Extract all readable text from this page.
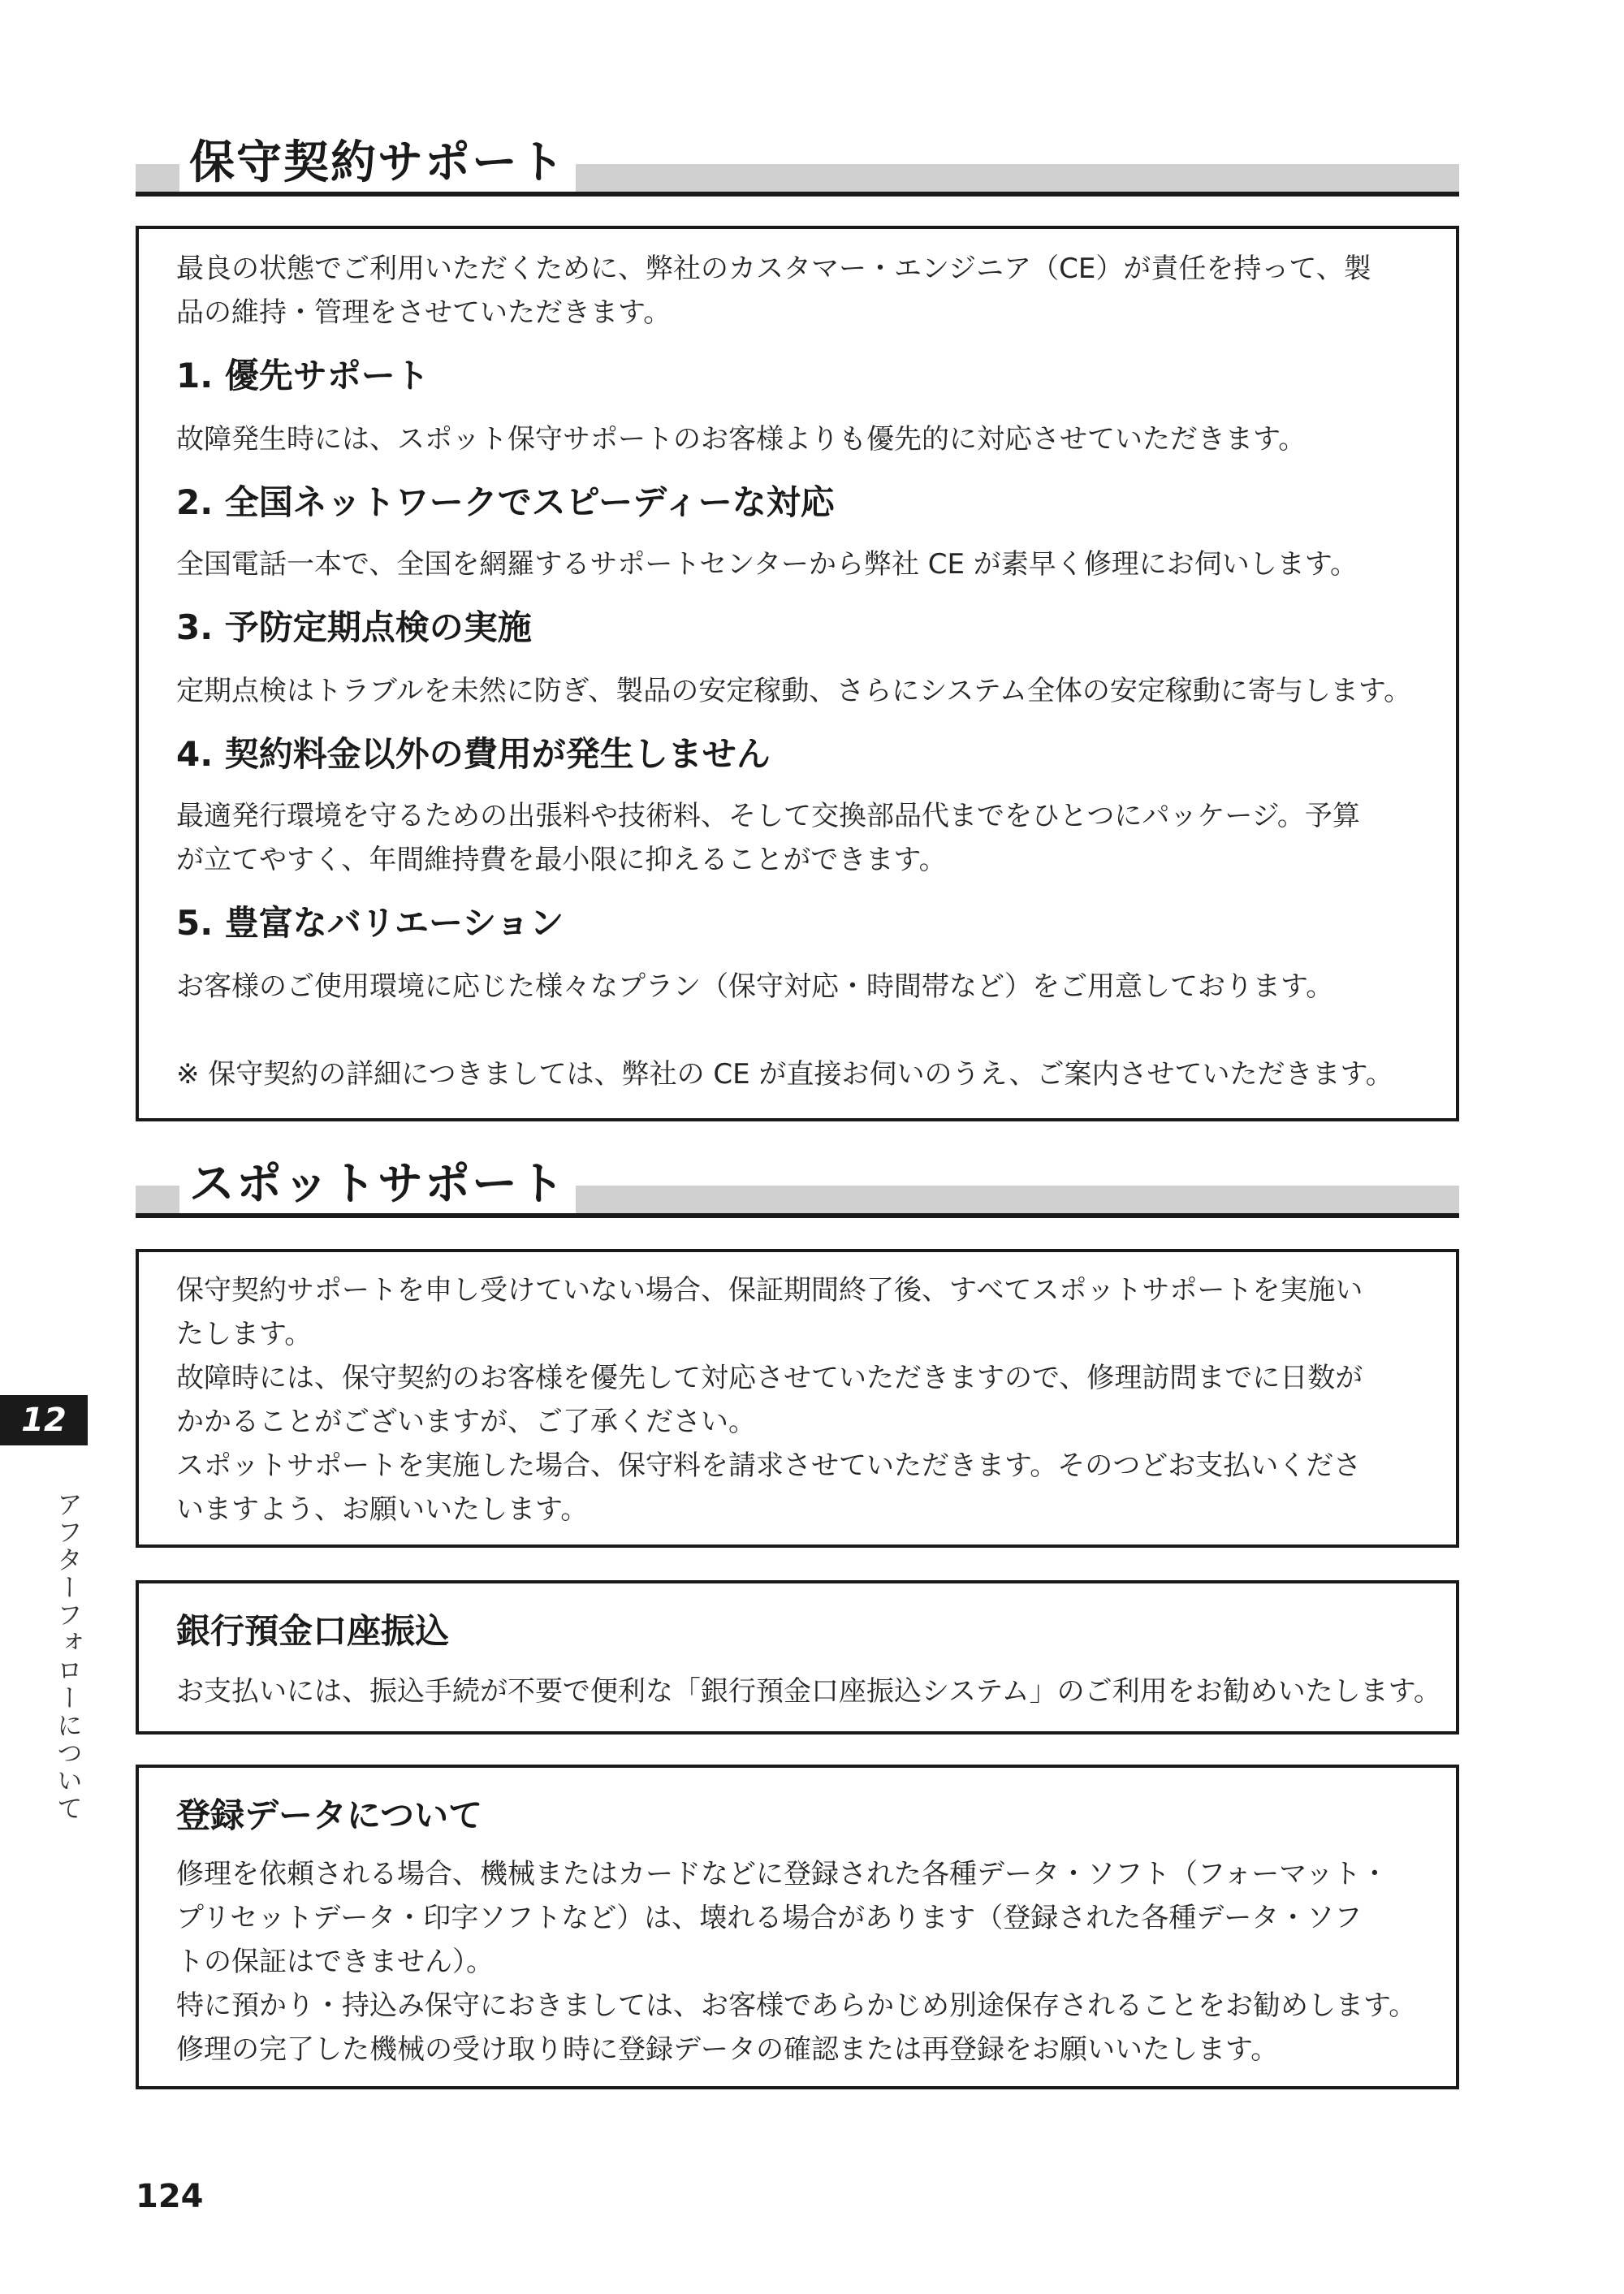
保守契約サポート

最良の状態でご利用いただくために、弊社のカスタマー・エンジニア（CE）が責任を持って、製

品の維持・管理をさせていただきます。

1. 優先サポート

故障発生時には、スポット保守サポートのお客様よりも優先的に対応させていただきます。

2. 全国ネットワークでスピーディーな対応

全国電話一本で、全国を網羅するサポートセンターから弊社 CE が素早く修理にお伺いします。

3. 予防定期点検の実施

定期点検はトラブルを未然に防ぎ、製品の安定稼動、さらにシステム全体の安定稼動に寄与します。

4. 契約料金以外の費用が発生しません

最適発行環境を守るための出張料や技術料、そして交換部品代までをひとつにパッケージ。予算

が立てやすく、年間維持費を最小限に抑えることができます。

5. 豊富なバリエーション

お客様のご使用環境に応じた様々なプラン（保守対応・時間帯など）をご用意しております。

※ 保守契約の詳細につきましては、弊社の CE が直接お伺いのうえ、ご案内させていただきます。

スポットサポート

保守契約サポートを申し受けていない場合、保証期間終了後、すべてスポットサポートを実施い

たします。

故障時には、保守契約のお客様を優先して対応させていただきますので、修理訪問までに日数が

かかることがございますが、ご了承ください。

スポットサポートを実施した場合、保守料を請求させていただきます。そのつどお支払いくださ

いますよう、お願いいたします。

銀行預金口座振込

お支払いには、振込手続が不要で便利な「銀行預金口座振込システム」のご利用をお勧めいたします。

登録データについて

修理を依頼される場合、機械またはカードなどに登録された各種データ・ソフト（フォーマット・

プリセットデータ・印字ソフトなど）は、壊れる場合があります（登録された各種データ・ソフ

トの保証はできません）。

特に預かり・持込み保守におきましては、お客様であらかじめ別途保存されることをお勧めします。

修理の完了した機械の受け取り時に登録データの確認または再登録をお願いいたします。

12
アフターフォローについて
124
